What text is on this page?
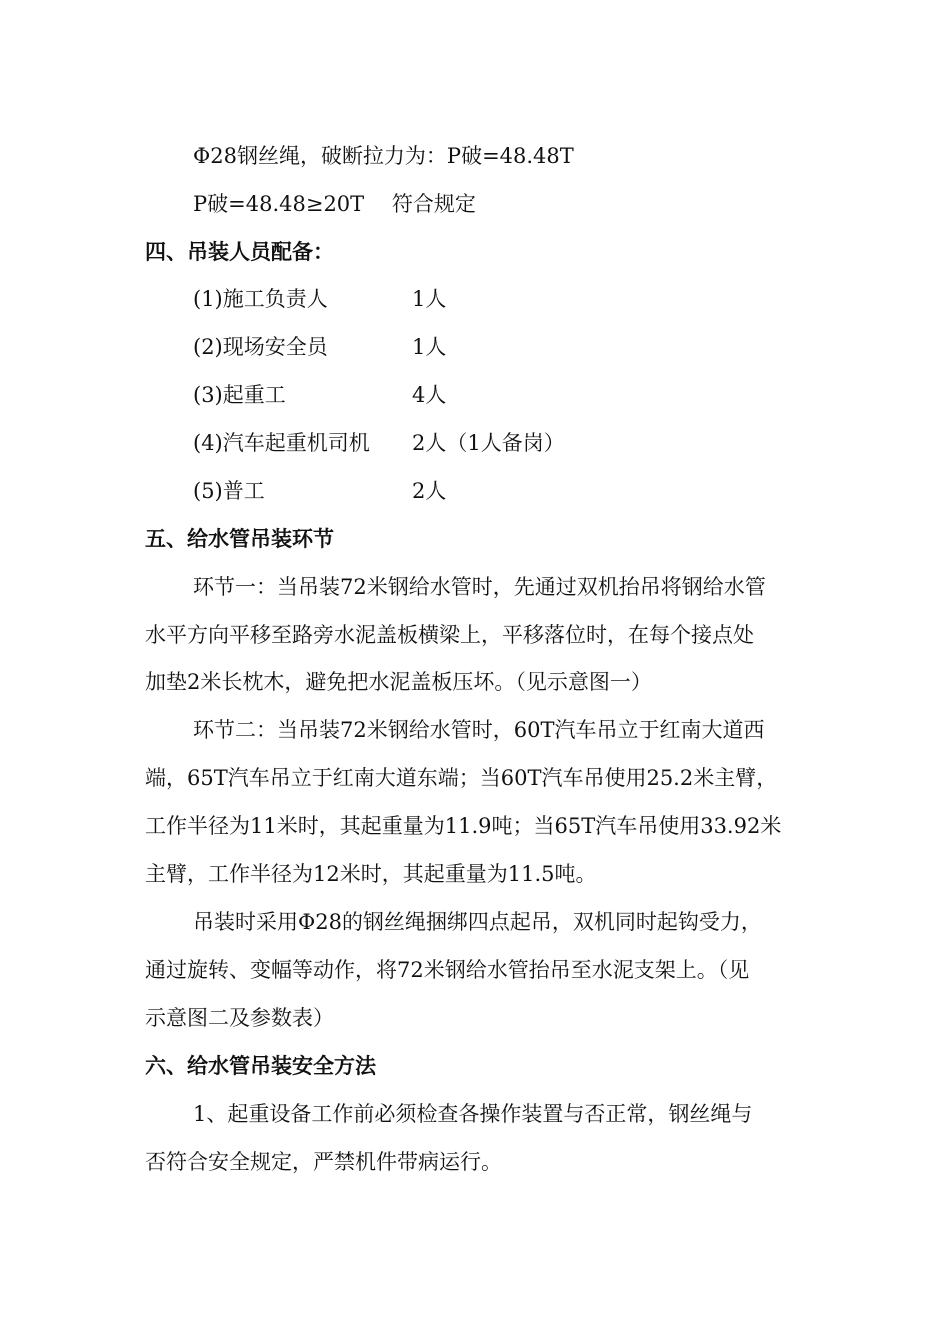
Φ28钢丝绳，破断拉力为：P破=48.48T

P破=48.48≥20T　 符合规定

四、吊装人员配备：

(1)施工负责人	1人
(2)现场安全员	1人
(3)起重工	4人
(4)汽车起重机司机 2人（1人备岗）
(5)普工	2人

五、给水管吊装环节

环节一：当吊装72米钢给水管时，先通过双机抬吊将钢给水管

水平方向平移至路旁水泥盖板横梁上，平移落位时，在每个接点处

加垫2米长枕木，避免把水泥盖板压坏。（见示意图一）

环节二：当吊装72米钢给水管时，60T汽车吊立于红南大道西

端，65T汽车吊立于红南大道东端；当60T汽车吊使用25.2米主臂，

工作半径为11米时，其起重量为11.9吨；当65T汽车吊使用33.92米

主臂，工作半径为12米时，其起重量为11.5吨。

吊装时采用Φ28的钢丝绳捆绑四点起吊，双机同时起钩受力，

通过旋转、变幅等动作，将72米钢给水管抬吊至水泥支架上。（见

示意图二及参数表）

六、给水管吊装安全方法

1、起重设备工作前必须检查各操作装置与否正常，钢丝绳与

否符合安全规定，严禁机件带病运行。
